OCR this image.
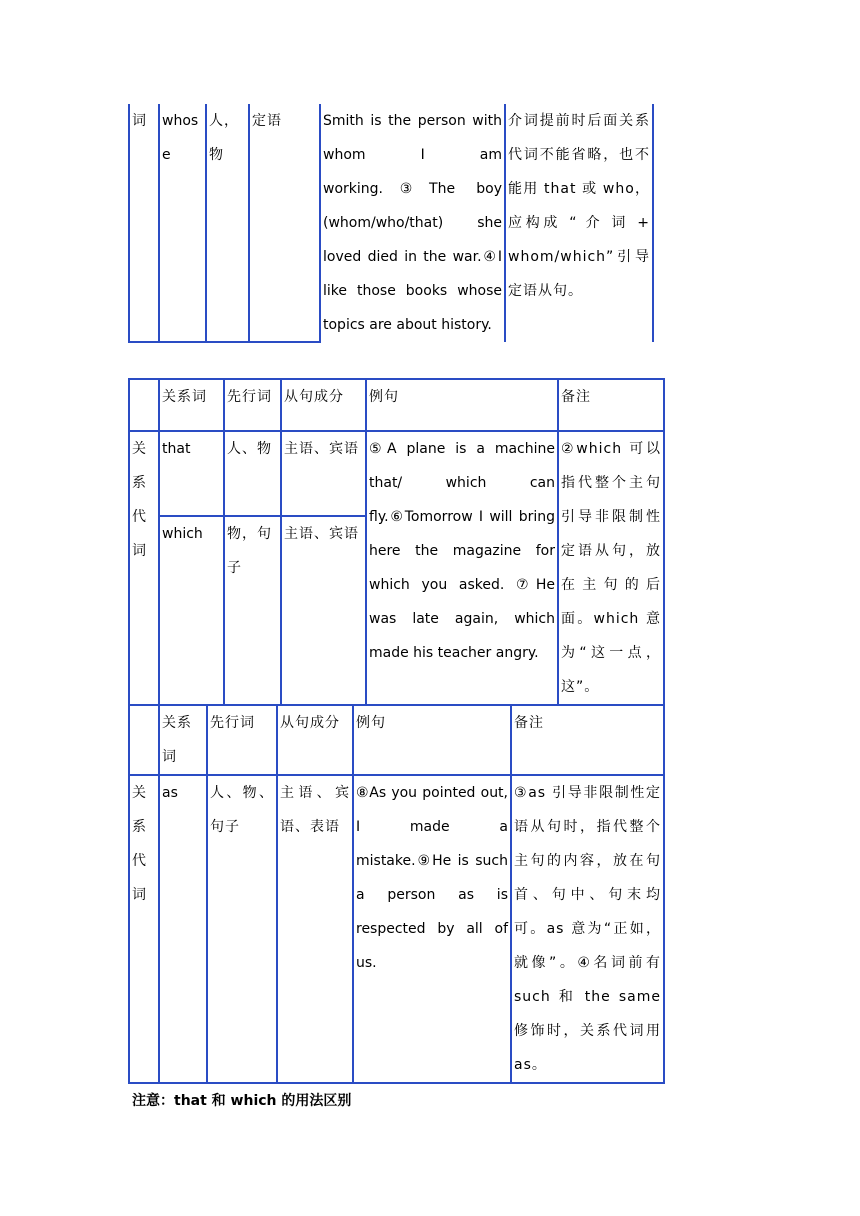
词	whose	人，物	定语	Smith is the person with whom I am working.③The boy (whom/who/that) she loved died in the war.④I like those books whose topics are about history.	介词提前时后面关系代词不能省略，也不能用 that 或 who，应构成 “ 介 词 + whom/which”引导定语从句。
	关系词	先行词	从句成分	例句	备注
关系代词	that	人、物	主语、宾语	⑤A plane is a machine that/ which can fly.⑥Tomorrow I will bring here the magazine for which you asked. ⑦He was late again, which made his teacher angry.	②which 可以指代整个主句引导非限制性定语从句，放在主句的后面。which 意为“这一点，这”。
	which	物，句子	主语、宾语		
	关系词	先行词	从句成分	例句	备注
关系代词	as	人、物、句子	主语、宾语、表语	⑧As you pointed out, I made a mistake.⑨He is such a person as is respected by all of us.	③as 引导非限制性定语从句时，指代整个主句的内容，放在句首、句中、句末均可。as 意为“正如，就像”。④名词前有 such 和 the same 修饰时，关系代词用 as。
注意：that 和 which 的用法区别
